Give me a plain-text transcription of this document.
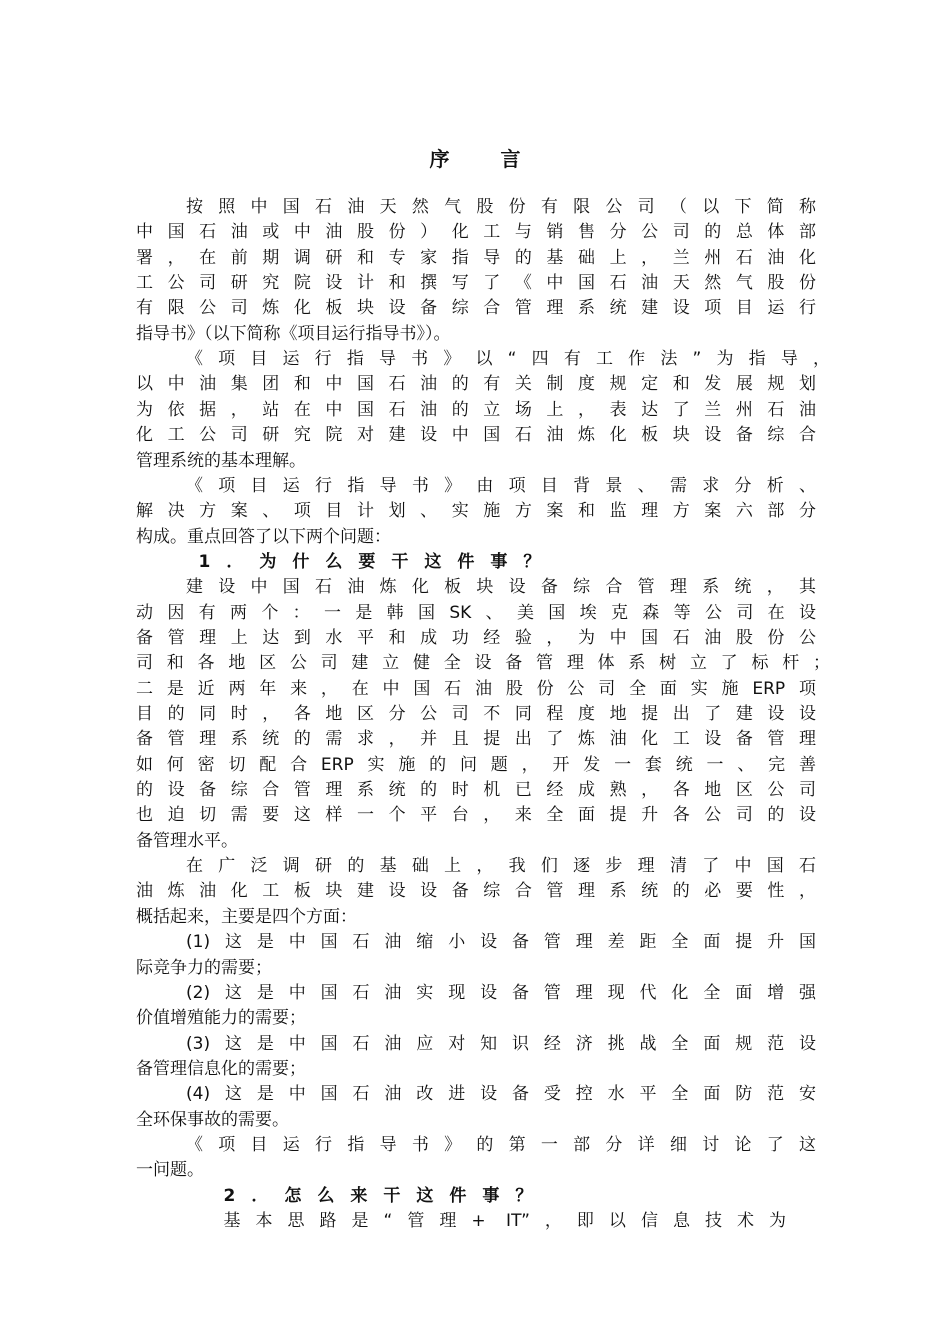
序 言
按照中国石油天然气股份有限公司（以下简称
中国石油或中油股份）化工与销售分公司的总体部
署，在前期调研和专家指导的基础上，兰州石油化
工公司研究院设计和撰写了《中国石油天然气股份
有限公司炼化板块设备综合管理系统建设项目运行
指导书》（以下简称《项目运行指导书》）。
《项目运行指导书》以“四有工作法”为指导，
以中油集团和中国石油的有关制度规定和发展规划
为依据，站在中国石油的立场上，表达了兰州石油
化工公司研究院对建设中国石油炼化板块设备综合
管理系统的基本理解。
《项目运行指导书》由项目背景、需求分析、
解决方案、项目计划、实施方案和监理方案六部分
构成。重点回答了以下两个问题：
1．为什么要干这件事？
建设中国石油炼化板块设备综合管理系统，其
动因有两个：一是韩国SK、美国埃克森等公司在设
备管理上达到水平和成功经验，为中国石油股份公
司和各地区公司建立健全设备管理体系树立了标杆；
二是近两年来，在中国石油股份公司全面实施ERP项
目的同时，各地区分公司不同程度地提出了建设设
备管理系统的需求，并且提出了炼油化工设备管理
如何密切配合ERP实施的问题，开发一套统一、完善
的设备综合管理系统的时机已经成熟，各地区公司
也迫切需要这样一个平台，来全面提升各公司的设
备管理水平。
在广泛调研的基础上，我们逐步理清了中国石
油炼油化工板块建设设备综合管理系统的必要性，
概括起来，主要是四个方面：
(1)这是中国石油缩小设备管理差距全面提升国
际竞争力的需要；
(2)这是中国石油实现设备管理现代化全面增强
价值增殖能力的需要；
(3)这是中国石油应对知识经济挑战全面规范设
备管理信息化的需要；
(4)这是中国石油改进设备受控水平全面防范安
全环保事故的需要。
《项目运行指导书》的第一部分详细讨论了这
一问题。
2．怎么来干这件事？
基本思路是“管理+ IT”，即以信息技术为
